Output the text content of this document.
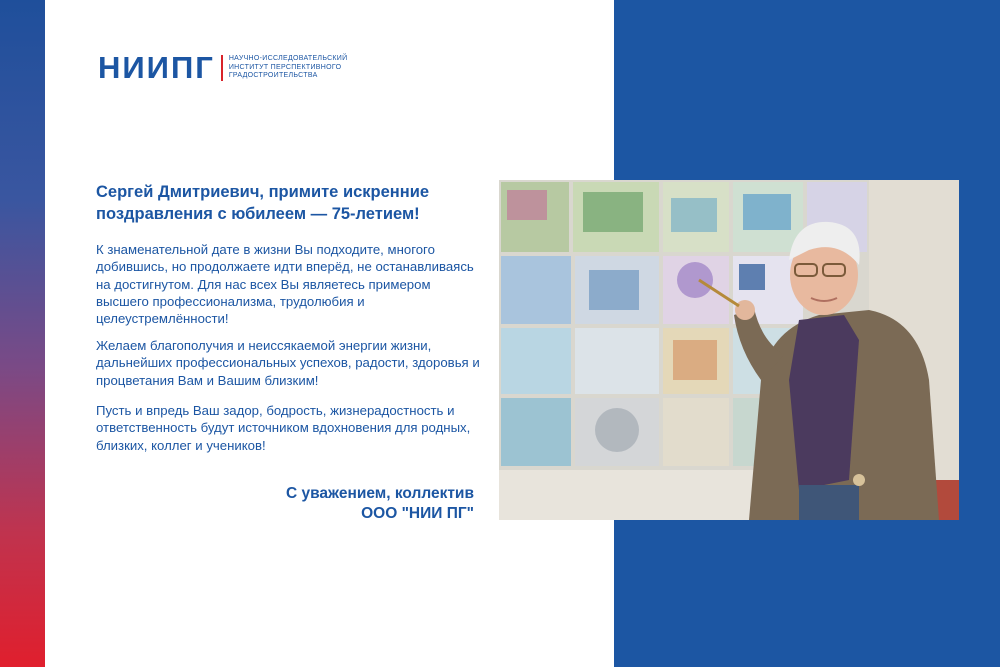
НИИПГ НАУЧНО-ИССЛЕДОВАТЕЛЬСКИЙ
ИНСТИТУТ ПЕРСПЕКТИВНОГО
ГРАДОСТРОИТЕЛЬСТВА
Сергей Дмитриевич, примите искренние
поздравления с юбилеем — 75-летием!
К знаменательной дате в жизни Вы подходите, многого добившись, но продолжаете идти вперёд, не останавливаясь на достигнутом. Для нас всех Вы являетесь примером высшего профессионализма, трудолюбия и целеустремлённости!
Желаем благополучия и неиссякаемой энергии жизни, дальнейших профессиональных успехов, радости, здоровья и процветания Вам и Вашим близким!
Пусть и впредь Ваш задор, бодрость, жизнерадостность и ответственность будут источником вдохновения для родных, близких, коллег и учеников!
С уважением, коллектив
ООО "НИИ ПГ"
